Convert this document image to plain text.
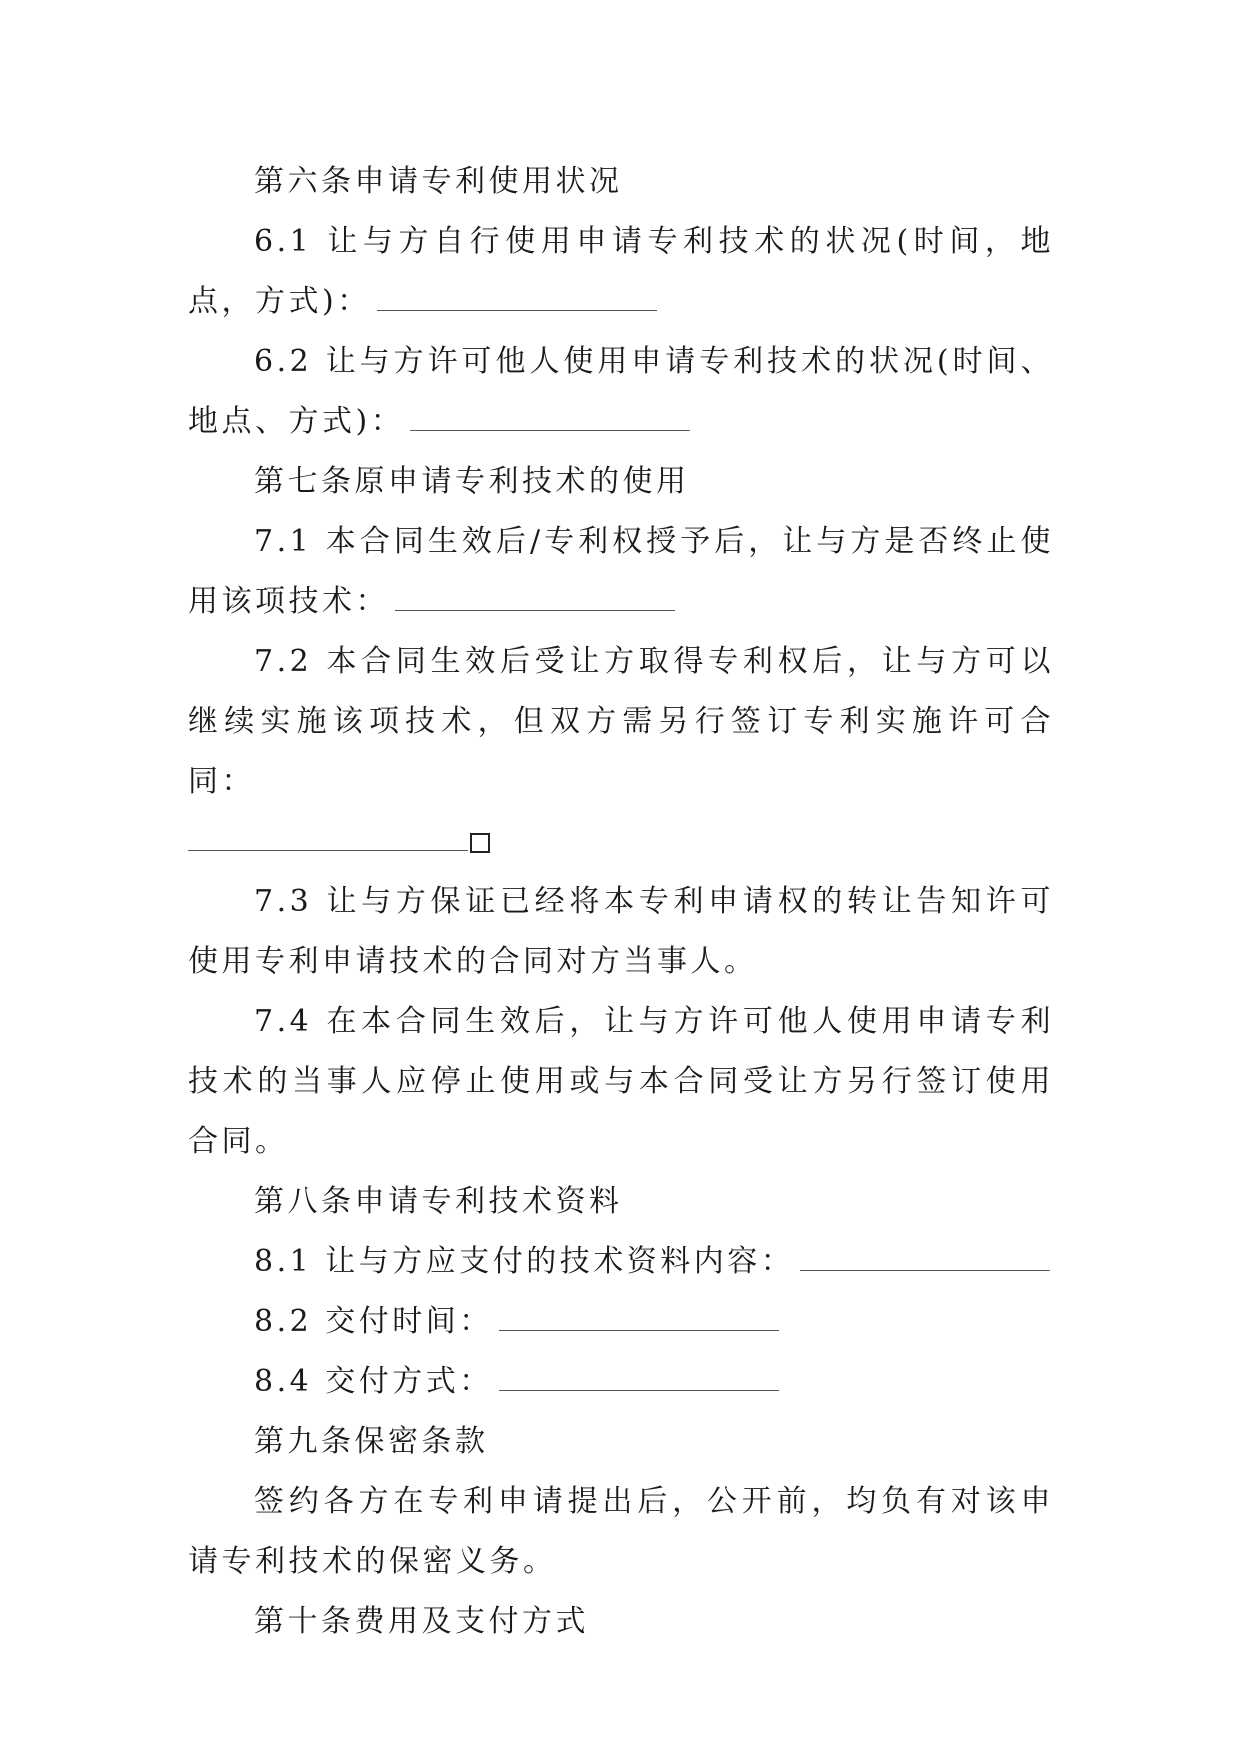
第六条申请专利使用状况

6.1 让与方自行使用申请专利技术的状况(时间，地点，方式)：

6.2 让与方许可他人使用申请专利技术的状况(时间、地点、方式)：

第七条原申请专利技术的使用

7.1 本合同生效后/专利权授予后，让与方是否终止使用该项技术：

7.2 本合同生效后受让方取得专利权后，让与方可以继续实施该项技术，但双方需另行签订专利实施许可合同：

7.3 让与方保证已经将本专利申请权的转让告知许可使用专利申请技术的合同对方当事人。

7.4 在本合同生效后，让与方许可他人使用申请专利技术的当事人应停止使用或与本合同受让方另行签订使用合同。

第八条申请专利技术资料

8.1 让与方应支付的技术资料内容：

8.2 交付时间：

8.4 交付方式：

第九条保密条款

签约各方在专利申请提出后，公开前，均负有对该申请专利技术的保密义务。

第十条费用及支付方式
